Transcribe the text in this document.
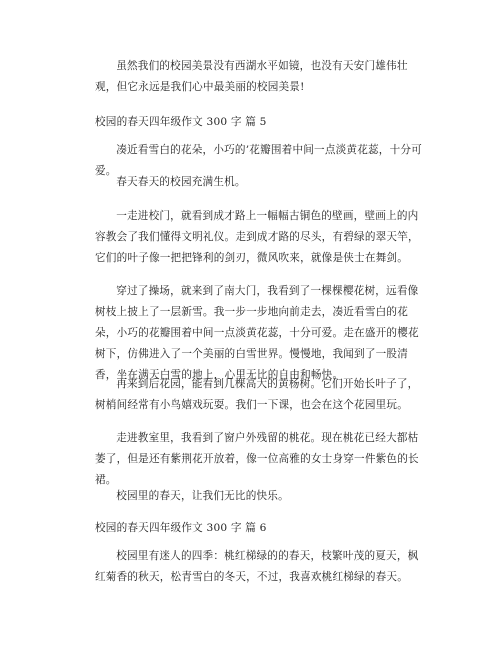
虽然我们的校园美景没有西湖水平如镜，也没有天安门雄伟壮观，但它永远是我们心中最美丽的校园美景!
校园的春天四年级作文 300 字 篇 5
凑近看雪白的花朵，小巧的’花瓣围着中间一点淡黄花蕊，十分可爱。
春天春天的校园充满生机。
一走进校门，就看到成才路上一幅幅古铜色的壁画，壁画上的内容教会了我们懂得文明礼仪。走到成才路的尽头，有碧绿的翠天竿，它们的叶子像一把把锋利的剑刃，微风吹来，就像是侠士在舞剑。
穿过了操场，就来到了南大门，我看到了一棵棵樱花树，远看像树枝上披上了一层新雪。我一步一步地向前走去，凑近看雪白的花朵，小巧的花瓣围着中间一点淡黄花蕊，十分可爱。走在盛开的樱花树下，仿佛进入了一个美丽的白雪世界。慢慢地，我闻到了一股清香，坐在满天白雪的地上，心里无比的自由和畅快。
再来到后花园，能看到几棵高大的黄杨树。它们开始长叶子了，树梢间经常有小鸟嬉戏玩耍。我们一下课，也会在这个花园里玩。
走进教室里，我看到了窗户外残留的桃花。现在桃花已经大都枯萎了，但是还有紫荆花开放着，像一位高雅的女士身穿一件紫色的长裙。
校园里的春天，让我们无比的快乐。
校园的春天四年级作文 300 字 篇 6
校园里有迷人的四季：桃红梯绿的的春天，枝繁叶茂的夏天，枫红菊香的秋天，松青雪白的冬天，不过，我喜欢桃红梯绿的春天。
